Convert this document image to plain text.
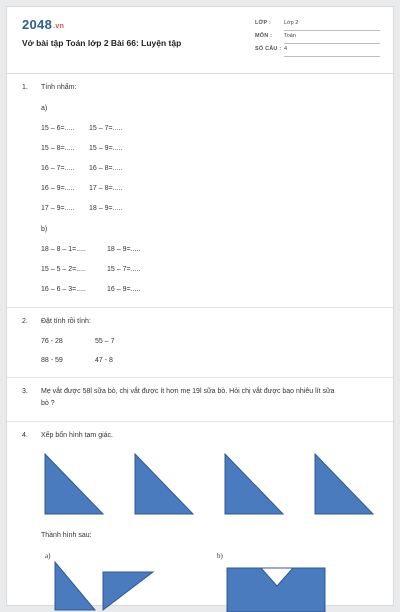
2048.vn
Vở bài tập Toán lớp 2 Bài 66: Luyện tập
LỚP : Lớp 2
MÔN : Toán
SỐ CÂU : 4
1. Tính nhẩm:
a)
15 – 6=..... 15 – 7=.....
15 – 8=..... 15 – 9=.....
16 – 7=..... 16 – 8=.....
16 – 9=..... 17 – 8=.....
17 – 9=..... 18 – 9=.....
b)
18 – 8 – 1=.....	18 – 9=.....
15 – 5 – 2=.....	15 – 7=.....
16 – 6 – 3=.....	16 – 9=.....
2. Đặt tính rồi tính:
76 - 28	55 – 7
88 - 59	47 - 8
3. Mẹ vắt được 58l sữa bò, chị vắt được ít hơn mẹ 19l sữa bò. Hỏi chị vắt được bao nhiêu lít sữa
bò ?
4. Xếp bốn hình tam giác.
Thành hình sau:
a)	b)
